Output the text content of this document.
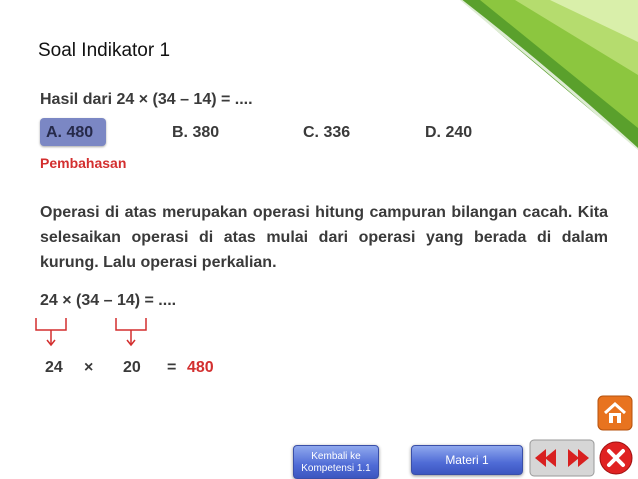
Soal Indikator 1
Hasil dari 24 × (34 – 14) = ....
A. 480	B. 380	C. 336	D. 240
Pembahasan
Operasi di atas merupakan operasi hitung campuran bilangan cacah. Kita selesaikan operasi di atas mulai dari operasi yang berada di dalam kurung. Lalu operasi perkalian.
24 × (34 – 14) = ....
24 × 20 = 480
Kembali ke
Kompetensi 1.1
Materi 1
